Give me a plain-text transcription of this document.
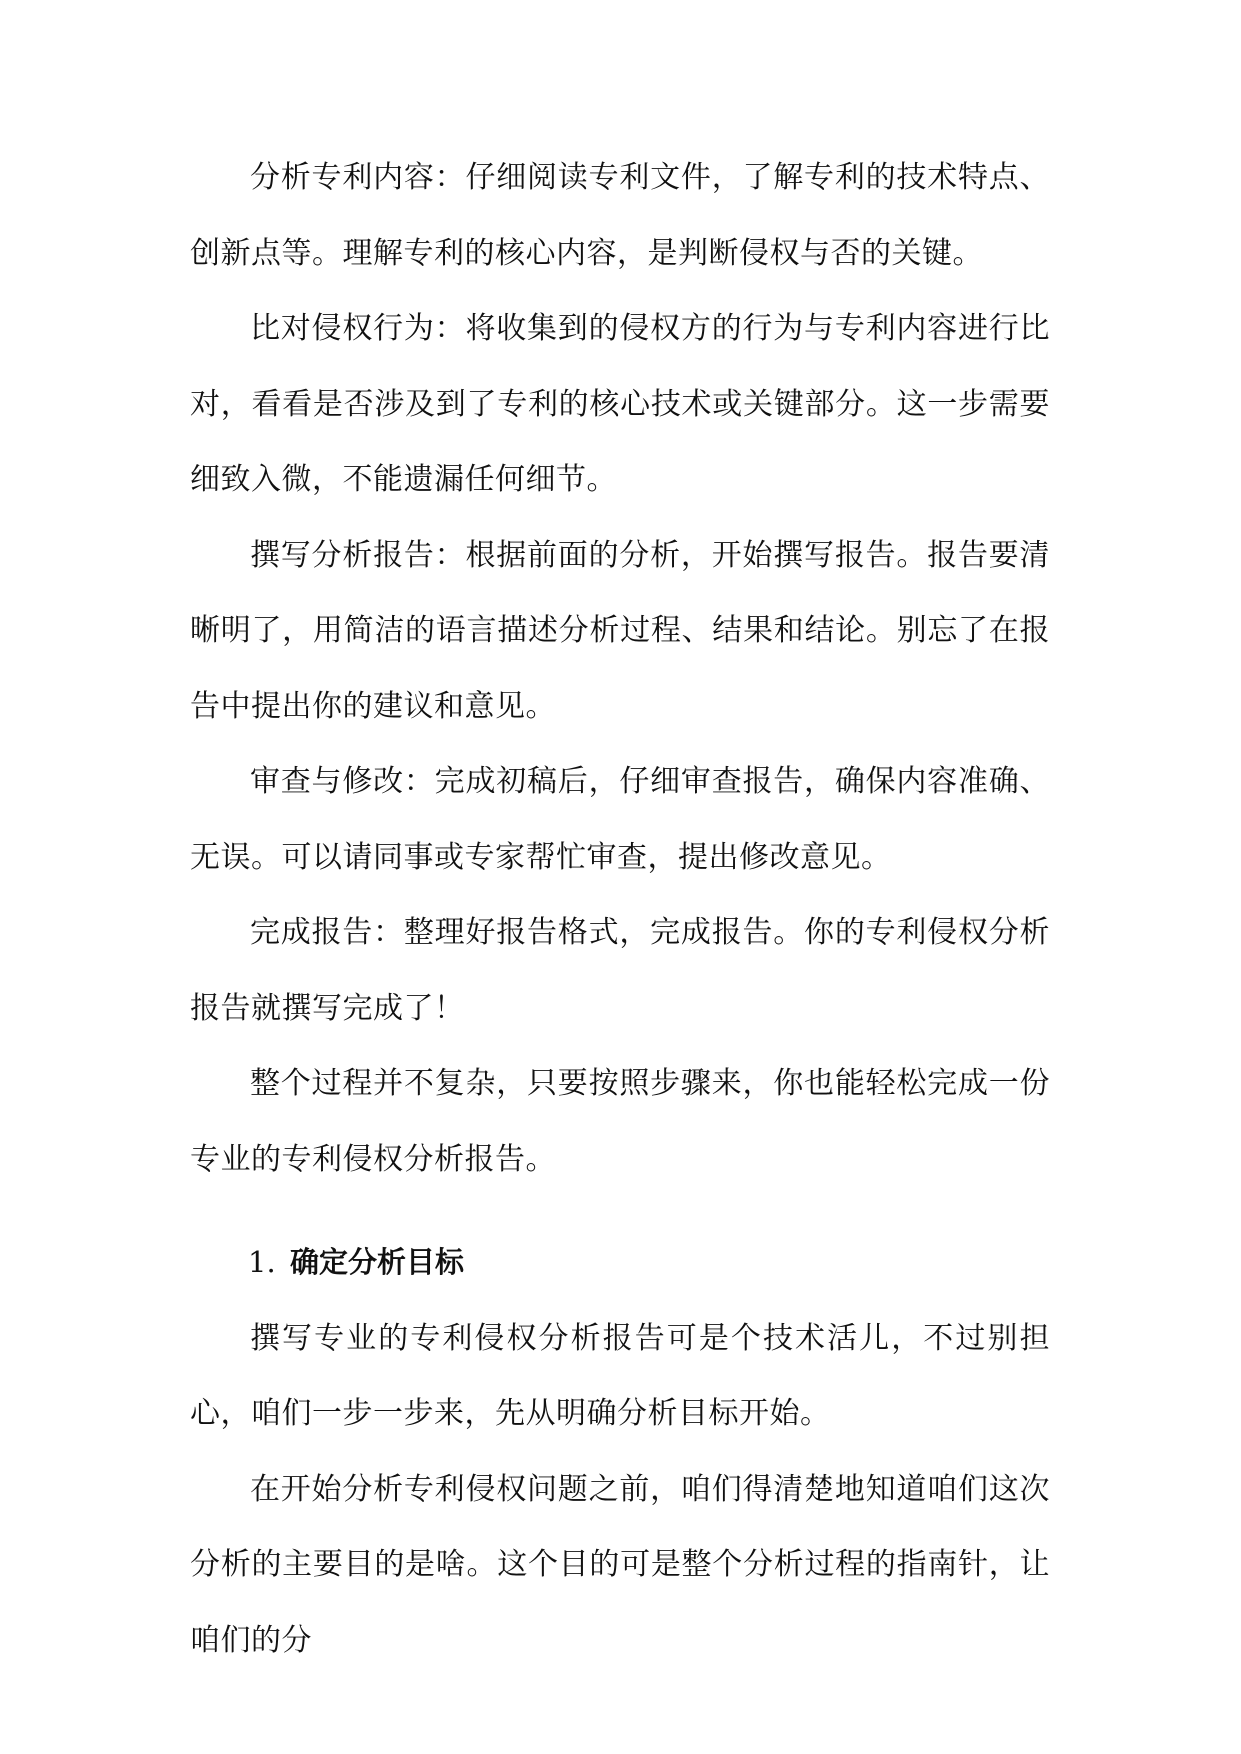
分析专利内容：仔细阅读专利文件，了解专利的技术特点、创新点等。理解专利的核心内容，是判断侵权与否的关键。

比对侵权行为：将收集到的侵权方的行为与专利内容进行比对，看看是否涉及到了专利的核心技术或关键部分。这一步需要细致入微，不能遗漏任何细节。

撰写分析报告：根据前面的分析，开始撰写报告。报告要清晰明了，用简洁的语言描述分析过程、结果和结论。别忘了在报告中提出你的建议和意见。

审查与修改：完成初稿后，仔细审查报告，确保内容准确、无误。可以请同事或专家帮忙审查，提出修改意见。

完成报告：整理好报告格式，完成报告。你的专利侵权分析报告就撰写完成了！

整个过程并不复杂，只要按照步骤来，你也能轻松完成一份专业的专利侵权分析报告。

1. 确定分析目标

撰写专业的专利侵权分析报告可是个技术活儿，不过别担心，咱们一步一步来，先从明确分析目标开始。

在开始分析专利侵权问题之前，咱们得清楚地知道咱们这次分析的主要目的是啥。这个目的可是整个分析过程的指南针，让咱们的分
